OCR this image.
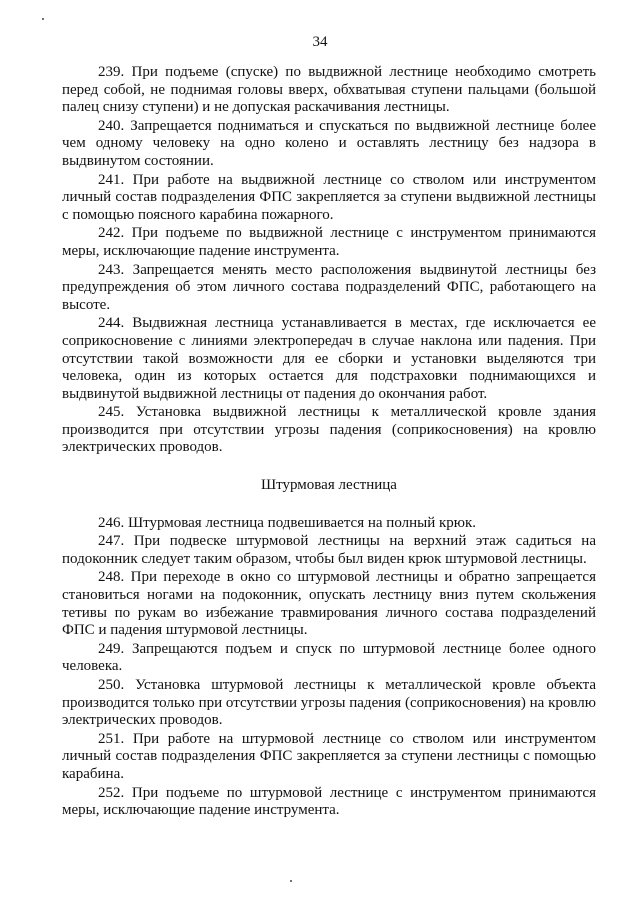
34

239. При подъеме (спуске) по выдвижной лестнице необходимо смотреть перед собой, не поднимая головы вверх, обхватывая ступени пальцами (большой палец снизу ступени) и не допуская раскачивания лестницы.

240. Запрещается подниматься и спускаться по выдвижной лестнице более чем одному человеку на одно колено и оставлять лестницу без надзора в выдвинутом состоянии.

241. При работе на выдвижной лестнице со стволом или инструментом личный состав подразделения ФПС закрепляется за ступени выдвижной лестницы с помощью поясного карабина пожарного.

242. При подъеме по выдвижной лестнице с инструментом принимаются меры, исключающие падение инструмента.

243. Запрещается менять место расположения выдвинутой лестницы без предупреждения об этом личного состава подразделений ФПС, работающего на высоте.

244. Выдвижная лестница устанавливается в местах, где исключается ее соприкосновение с линиями электропередач в случае наклона или падения. При отсутствии такой возможности для ее сборки и установки выделяются три человека, один из которых остается для подстраховки поднимающихся и выдвинутой выдвижной лестницы от падения до окончания работ.

245. Установка выдвижной лестницы к металлической кровле здания производится при отсутствии угрозы падения (соприкосновения) на кровлю электрических проводов.

Штурмовая лестница

246. Штурмовая лестница подвешивается на полный крюк.

247. При подвеске штурмовой лестницы на верхний этаж садиться на подоконник следует таким образом, чтобы был виден крюк штурмовой лестницы.

248. При переходе в окно со штурмовой лестницы и обратно запрещается становиться ногами на подоконник, опускать лестницу вниз путем скольжения тетивы по рукам во избежание травмирования личного состава подразделений ФПС и падения штурмовой лестницы.

249. Запрещаются подъем и спуск по штурмовой лестнице более одного человека.

250. Установка штурмовой лестницы к металлической кровле объекта производится только при отсутствии угрозы падения (соприкосновения) на кровлю электрических проводов.

251. При работе на штурмовой лестнице со стволом или инструментом личный состав подразделения ФПС закрепляется за ступени лестницы с помощью карабина.

252. При подъеме по штурмовой лестнице с инструментом принимаются меры, исключающие падение инструмента.
